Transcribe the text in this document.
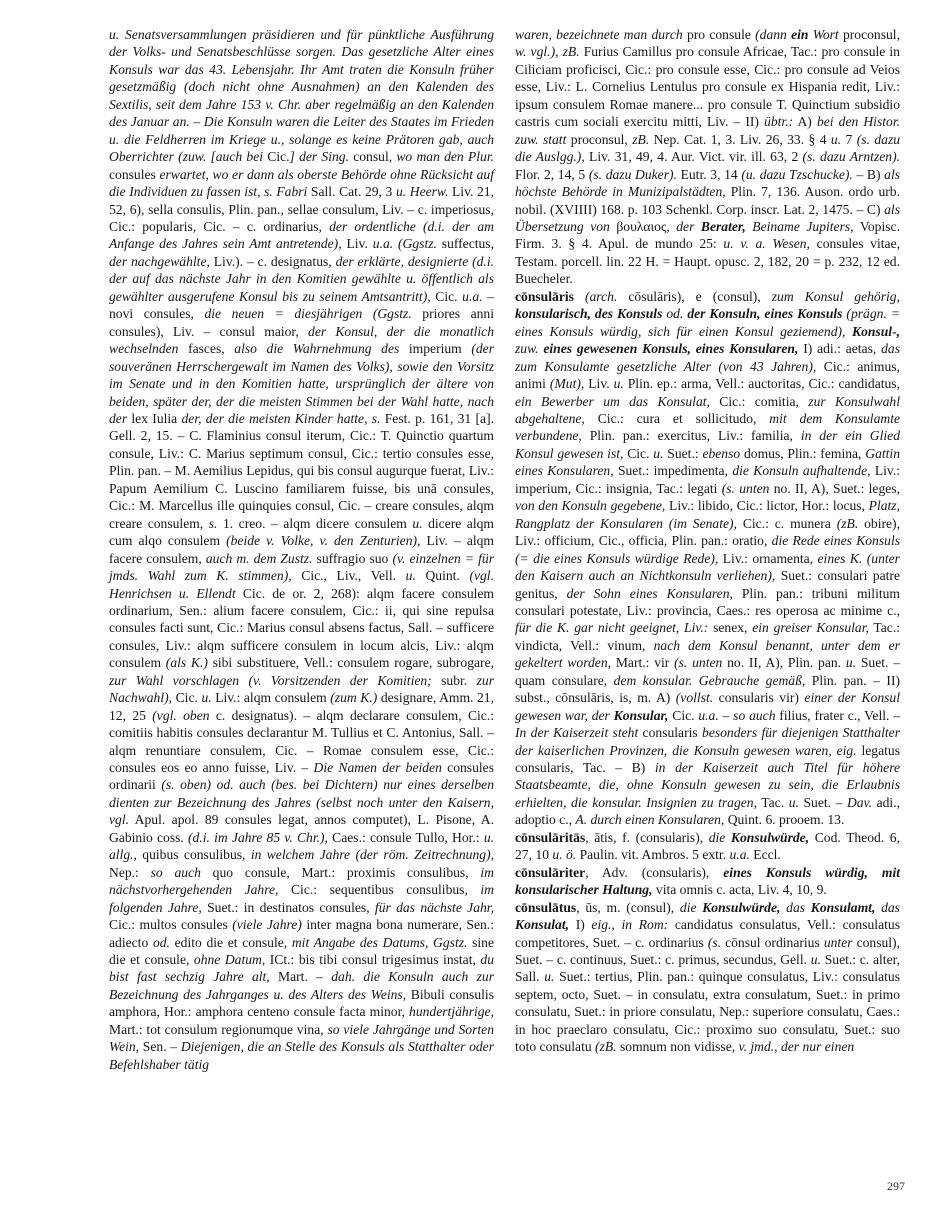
u. Senatsversammlungen präsidieren und für pünktliche Ausführung der Volks- und Senatsbeschlüsse sorgen. Das gesetzliche Alter eines Konsuls war das 43. Lebensjahr. Ihr Amt traten die Konsuln früher gesetzmäßig (doch nicht ohne Ausnahmen) an den Kalenden des Sextilis, seit dem Jahre 153 v. Chr. aber regelmäßig an den Kalenden des Januar an. – Die Konsuln waren die Leiter des Staates im Frieden u. die Feldherren im Kriege u., solange es keine Prätoren gab, auch Oberrichter (zuw. [auch bei Cic.] der Sing. consul, wo man den Plur. consules erwartet, wo er dann als oberste Behörde ohne Rücksicht auf die Individuen zu fassen ist, s. Fabri Sall. Cat. 29, 3 u. Heerw. Liv. 21, 52, 6), sella consulis, Plin. pan., sellae consulum, Liv. – c. imperiosus, Cic.: popularis, Cic. – c. ordinarius, der ordentliche (d.i. der am Anfange des Jahres sein Amt antretende), Liv. u.a. (Ggstz. suffectus, der nachgewählte, Liv.). – c. designatus, der erklärte, designierte (d.i. der auf das nächste Jahr in den Komitien gewählte u. öffentlich als gewählter ausgerufene Konsul bis zu seinem Amtsantritt), Cic. u.a. – novi consules, die neuen = diesjährigen (Ggstz. priores anni consules), Liv. – consul maior, der Konsul, der die monatlich wechselnden fasces, also die Wahrnehmung des imperium (der souveränen Herrschergewalt im Namen des Volks), sowie den Vorsitz im Senate und in den Komitien hatte, ursprünglich der ältere von beiden, später der, der die meisten Stimmen bei der Wahl hatte, nach der lex Iulia der, der die meisten Kinder hatte, s. Fest. p. 161, 31 [a]. Gell. 2, 15. – C. Flaminius consul iterum, Cic.: T. Quinctio quartum consule, Liv.: C. Marius septimum consul, Cic.: tertio consules esse, Plin. pan. – M. Aemilius Lepidus, qui bis consul augurque fuerat, Liv.: Papum Aemilium C. Luscino familiarem fuisse, bis unā consules, Cic.: M. Marcellus ille quinquies consul, Cic. – creare consules, alqm creare consulem, s. 1. creo. – alqm dicere consulem u. dicere alqm cum alqo consulem (beide v. Volke, v. den Zenturien), Liv. – alqm facere consulem, auch m. dem Zustz. suffragio suo (v. einzelnen = für jmds. Wahl zum K. stimmen), Cic., Liv., Vell. u. Quint. (vgl. Henrichsen u. Ellendt Cic. de or. 2, 268): alqm facere consulem ordinarium, Sen.: alium facere consulem, Cic.: ii, qui sine repulsa consules facti sunt, Cic.: Marius consul absens factus, Sall. – sufficere consules, Liv.: alqm sufficere consulem in locum alcis, Liv.: alqm consulem (als K.) sibi substituere, Vell.: consulem rogare, subrogare, zur Wahl vorschlagen (v. Vorsitzenden der Komitien; subr. zur Nachwahl), Cic. u. Liv.: alqm consulem (zum K.) designare, Amm. 21, 12, 25 (vgl. oben c. designatus). – alqm declarare consulem, Cic.: comitiis habitis consules declarantur M. Tullius et C. Antonius, Sall. – alqm renuntiare consulem, Cic. – Romae consulem esse, Cic.: consules eos eo anno fuisse, Liv. – Die Namen der beiden consules ordinarii (s. oben) od. auch (bes. bei Dichtern) nur eines derselben dienten zur Bezeichnung des Jahres (selbst noch unter den Kaisern, vgl. Apul. apol. 89 consules legat, annos computet), L. Pisone, A. Gabinio coss. (d.i. im Jahre 85 v. Chr.), Caes.: consule Tullo, Hor.: u. allg., quibus consulibus, in welchem Jahre (der röm. Zeitrechnung), Nep.: so auch quo consule, Mart.: proximis consulibus, im nächstvorhergehenden Jahre, Cic.: sequentibus consulibus, im folgenden Jahre, Suet.: in destinatos consules, für das nächste Jahr, Cic.: multos consules (viele Jahre) inter magna bona numerare, Sen.: adiecto od. edito die et consule, mit Angabe des Datums, Ggstz. sine die et consule, ohne Datum, ICt.: bis tibi consul trigesimus instat, du bist fast sechzig Jahre alt, Mart. – dah. die Konsuln auch zur Bezeichnung des Jahrganges u. des Alters des Weins, Bibuli consulis amphora, Hor.: amphora centeno consule facta minor, hundertjährige, Mart.: tot consulum regionumque vina, so viele Jahrgänge und Sorten Wein, Sen. – Diejenigen, die an Stelle des Konsuls als Statthalter oder Befehlshaber tätig
waren, bezeichnete man durch pro consule (dann ein Wort proconsul, w. vgl.), zB. Furius Camillus pro consule Africae, Tac.: pro consule in Ciliciam proficisci, Cic.: pro consule esse, Cic.: pro consule ad Veios esse, Liv.: L. Cornelius Lentulus pro consule ex Hispania redit, Liv.: ipsum consulem Romae manere... pro consule T. Quinctium subsidio castris cum sociali exercitu mitti, Liv. – II) übtr.: A) bei den Histor. zuw. statt proconsul, zB. Nep. Cat. 1, 3. Liv. 26, 33. § 4 u. 7 (s. dazu die Auslgg.), Liv. 31, 49, 4. Aur. Vict. vir. ill. 63, 2 (s. dazu Arntzen). Flor. 2, 14, 5 (s. dazu Duker). Eutr. 3, 14 (u. dazu Tzschucke). – B) als höchste Behörde in Munizipalstädten, Plin. 7, 136. Auson. ordo urb. nobil. (XVIIII) 168. p. 103 Schenkl. Corp. inscr. Lat. 2, 1475. – C) als Übersetzung von βουλαιος, der Berater, Beiname Jupiters, Vopisc. Firm. 3. § 4. Apul. de mundo 25: u. v. a. Wesen, consules vitae, Testam. porcell. lin. 22 H. = Haupt. opusc. 2, 182, 20 = p. 232, 12 ed. Buecheler.
cōnsulāris (arch. cōsulāris), e (consul), zum Konsul gehörig, konsularisch, des Konsuls od. der Konsuln, eines Konsuls (prägn. = eines Konsuls würdig, sich für einen Konsul geziemend), Konsul-, zuw. eines gewesenen Konsuls, eines Konsularen, I) adi.: aetas, das zum Konsulamte gesetzliche Alter (von 43 Jahren), Cic.: animus, animi (Mut), Liv. u. Plin. ep.: arma, Vell.: auctoritas, Cic.: candidatus, ein Bewerber um das Konsulat, Cic.: comitia, zur Konsulwahl abgehaltene, Cic.: cura et sollicitudo, mit dem Konsulamte verbundene, Plin. pan.: exercitus, Liv.: familia, in der ein Glied Konsul gewesen ist, Cic. u. Suet.: ebenso domus, Plin.: femina, Gattin eines Konsularen, Suet.: impedimenta, die Konsuln aufhaltende, Liv.: imperium, Cic.: insignia, Tac.: legati (s. unten no. II, A), Suet.: leges, von den Konsuln gegebene, Liv.: libido, Cic.: lictor, Hor.: locus, Platz, Rangplatz der Konsularen (im Senate), Cic.: c. munera (zB. obire), Liv.: officium, Cic., officia, Plin. pan.: oratio, die Rede eines Konsuls (= die eines Konsuls würdige Rede), Liv.: ornamenta, eines K. (unter den Kaisern auch an Nichtkonsuln verliehen), Suet.: consulari patre genitus, der Sohn eines Konsularen, Plin. pan.: tribuni militum consulari potestate, Liv.: provincia, Caes.: res operosa ac minime c., für die K. gar nicht geeignet, Liv.: senex, ein greiser Konsular, Tac.: vindicta, Vell.: vinum, nach dem Konsul benannt, unter dem er gekeltert worden, Mart.: vir (s. unten no. II, A), Plin. pan. u. Suet. – quam consulare, dem konsular. Gebrauche gemäß, Plin. pan. – II) subst., cōnsulāris, is, m. A) (vollst. consularis vir) einer der Konsul gewesen war, der Konsular, Cic. u.a. – so auch filius, frater c., Vell. – In der Kaiserzeit steht consularis besonders für diejenigen Statthalter der kaiserlichen Provinzen, die Konsuln gewesen waren, eig. legatus consularis, Tac. – B) in der Kaiserzeit auch Titel für höhere Staatsbeamte, die, ohne Konsuln gewesen zu sein, die Erlaubnis erhielten, die konsular. Insignien zu tragen, Tac. u. Suet. – Dav. adi., adoptio c., A. durch einen Konsularen, Quint. 6. prooem. 13.
cōnsulāritās, ātis, f. (consularis), die Konsulwürde, Cod. Theod. 6, 27, 10 u. ö. Paulin. vit. Ambros. 5 extr. u.a. Eccl.
cōnsulāriter, Adv. (consularis), eines Konsuls würdig, mit konsularischer Haltung, vita omnis c. acta, Liv. 4, 10, 9.
cōnsulātus, ūs, m. (consul), die Konsulwürde, das Konsulamt, das Konsulat, I) eig., in Rom: candidatus consulatus, Vell.: consulatus competitores, Suet. – c. ordinarius (s. cōnsul ordinarius unter consul), Suet. – c. continuus, Suet.: c. primus, secundus, Gell. u. Suet.: c. alter, Sall. u. Suet.: tertius, Plin. pan.: quinque consulatus, Liv.: consulatus septem, octo, Suet. – in consulatu, extra consulatum, Suet.: in primo consulatu, Suet.: in priore consulatu, Nep.: superiore consulatu, Caes.: in hoc praeclaro consulatu, Cic.: proximo suo consulatu, Suet.: suo toto consulatu (zB. somnum non vidisse, v. jmd., der nur einen
297
